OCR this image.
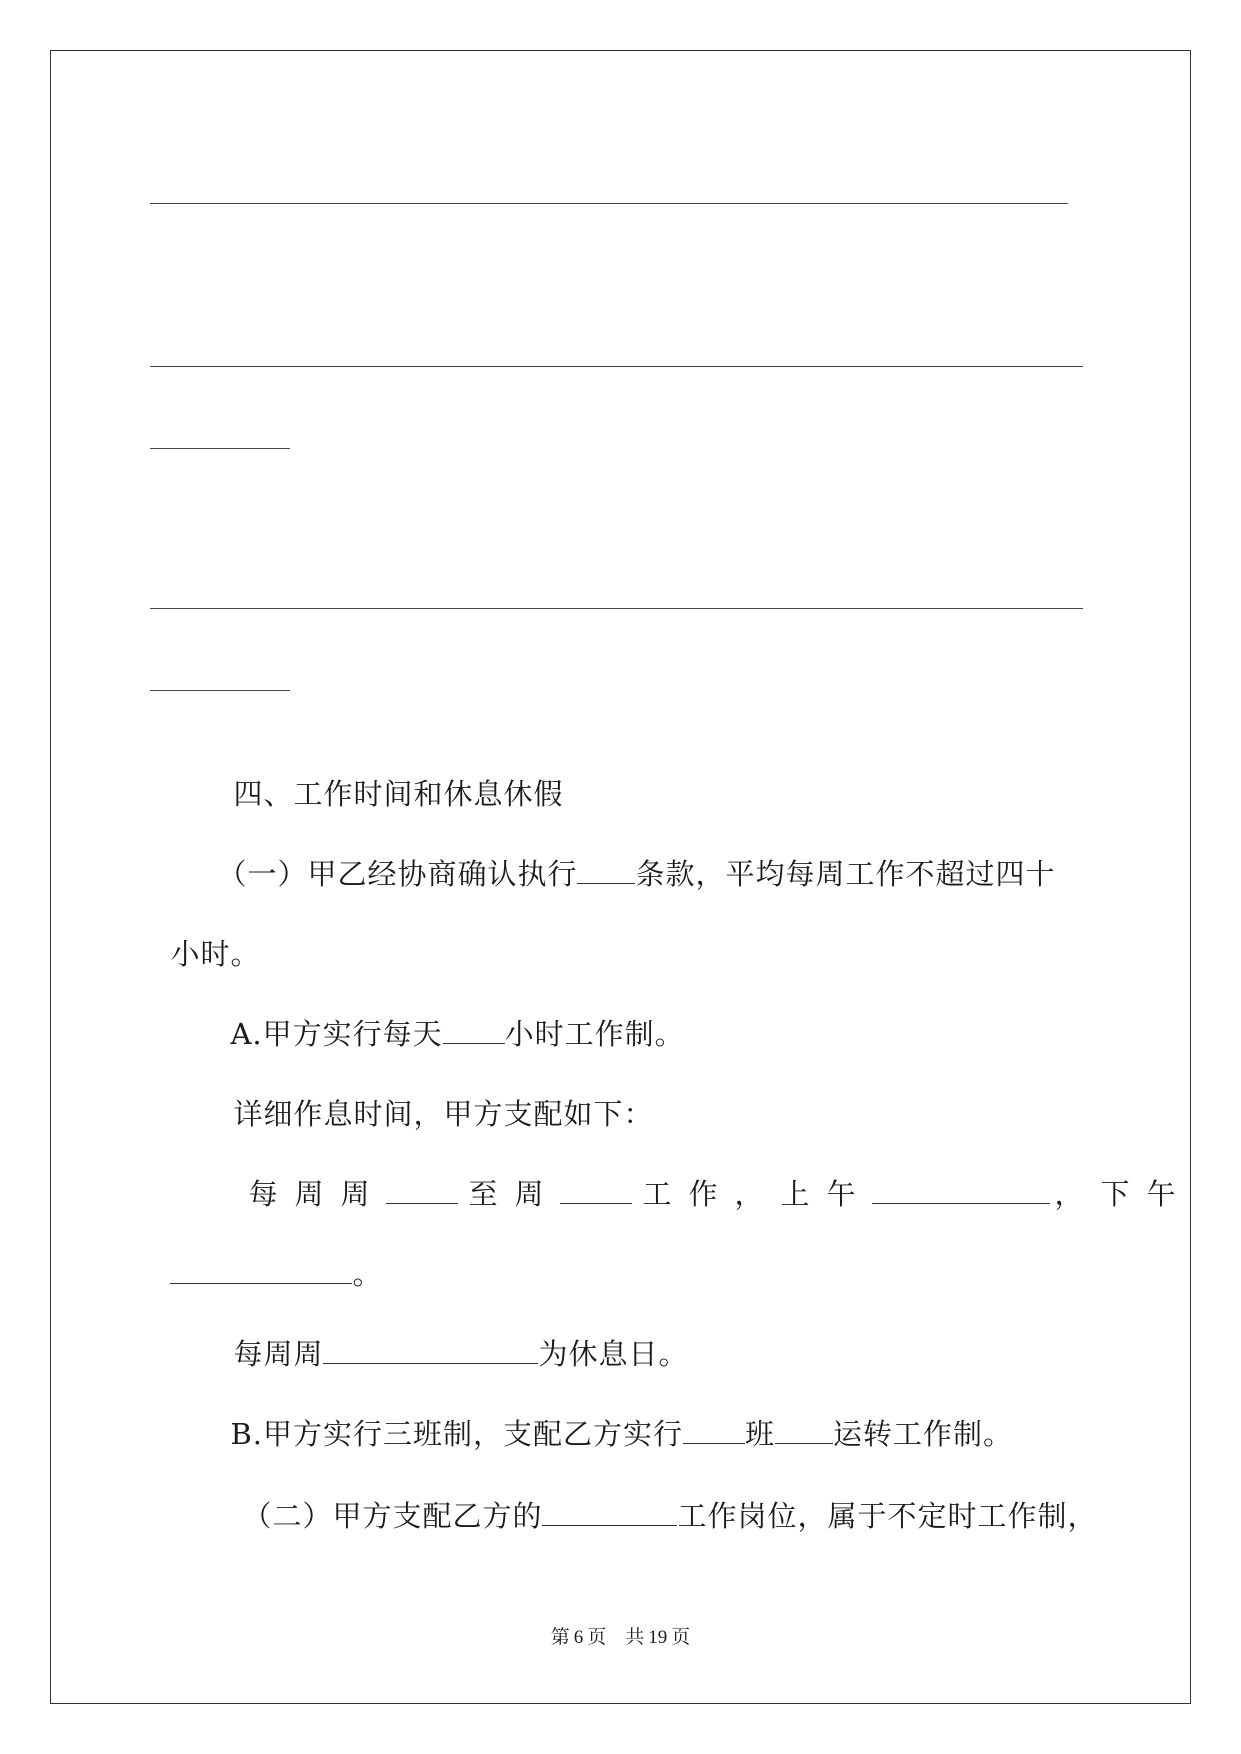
四、工作时间和休息休假

（一）甲乙经协商确认执行 条款，平均每周工作不超过四十

小时。

A.甲方实行每天 小时工作制。

详细作息时间，甲方支配如下：

每周周	至周	工作，上午	，下午

。

每周周	为休息日。

B.甲方实行三班制，支配乙方实行 班 运转工作制。

（二）甲方支配乙方的	工作岗位，属于不定时工作制，

第 6 页　共 19 页
